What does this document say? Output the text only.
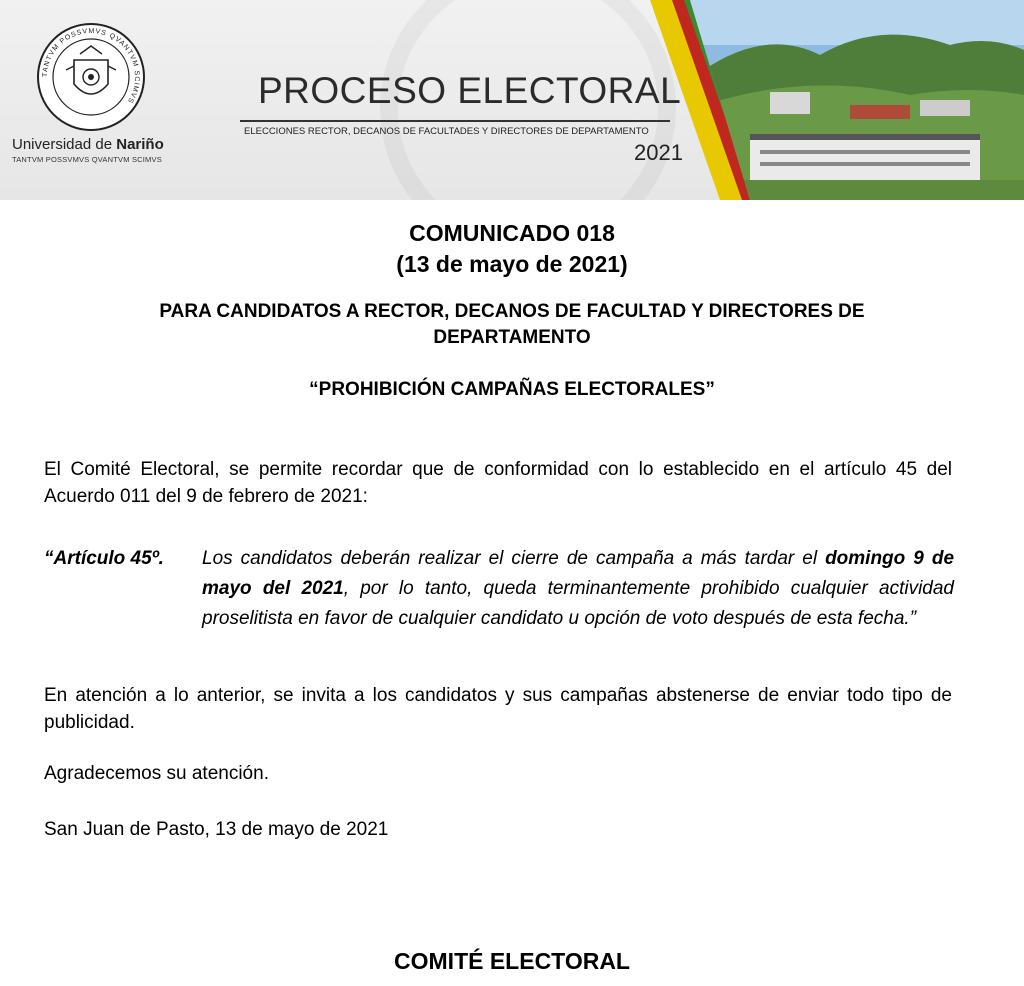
TANTVM POSSVMVS QVANTVM SCIMVS
Universidad de Nariño
TANTVM POSSVMVS QVANTVM SCIMVS
PROCESO ELECTORAL
ELECCIONES RECTOR, DECANOS DE FACULTADES Y DIRECTORES DE DEPARTAMENTO
2021
COMUNICADO 018
(13 de mayo de 2021)
PARA CANDIDATOS A RECTOR, DECANOS DE FACULTAD Y DIRECTORES DE DEPARTAMENTO
“PROHIBICIÓN CAMPAÑAS ELECTORALES”
El Comité Electoral, se permite recordar que de conformidad con lo establecido en el artículo 45 del Acuerdo 011 del 9 de febrero de 2021:
“Artículo 45º. Los candidatos deberán realizar el cierre de campaña a más tardar el domingo 9 de mayo del 2021, por lo tanto, queda terminantemente prohibido cualquier actividad proselitista en favor de cualquier candidato u opción de voto después de esta fecha.”
En atención a lo anterior, se invita a los candidatos y sus campañas abstenerse de enviar todo tipo de publicidad.
Agradecemos su atención.
San Juan de Pasto, 13 de mayo de 2021
COMITÉ ELECTORAL
